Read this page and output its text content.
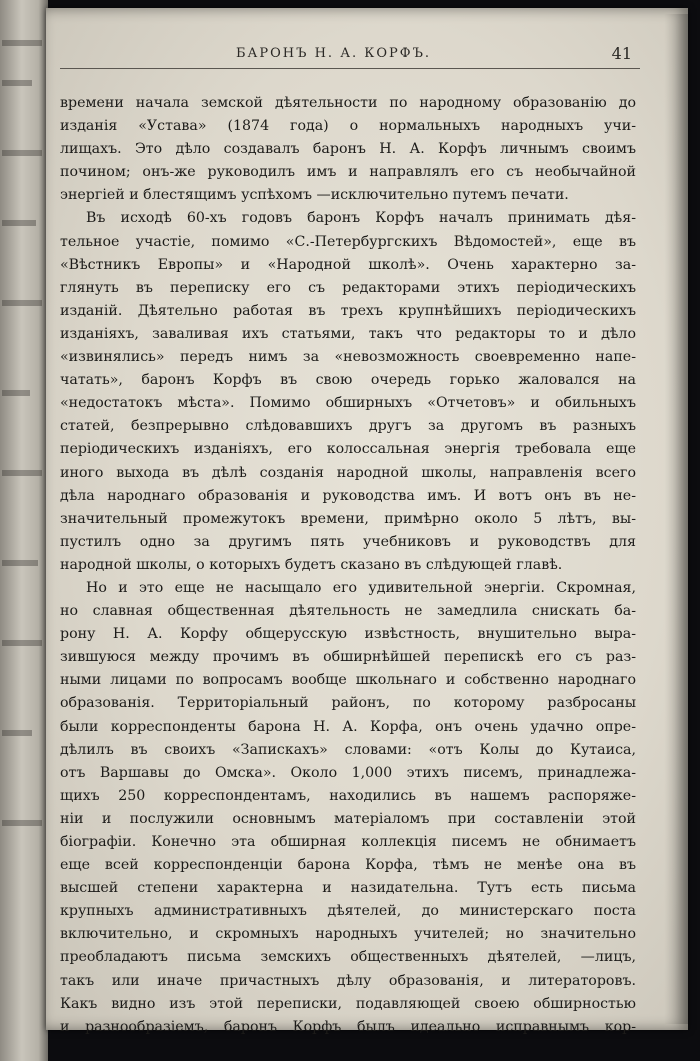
БАРОНЪ Н. А. КОРФЪ.	41
времени начала земской дѣятельности по народному образованію до
изданія «Устава» (1874 года) о нормальныхъ народныхъ учи-
лищахъ. Это дѣло создавалъ баронъ Н. А. Корфъ личнымъ своимъ
почином; онъ-же руководилъ имъ и направлялъ его съ необычайной
энергіей и блестящимъ успѣхомъ —исключительно путемъ печати.
Въ исходѣ 60-хъ годовъ баронъ Корфъ началъ принимать дѣя-
тельное участіе, помимо «С.-Петербургскихъ Вѣдомостей», еще въ
«Вѣстникъ Европы» и «Народной школѣ». Очень характерно за-
глянуть въ переписку его съ редакторами этихъ періодическихъ
изданій. Дѣятельно работая въ трехъ крупнѣйшихъ періодическихъ
изданіяхъ, заваливая ихъ статьями, такъ что редакторы то и дѣло
«извинялись» передъ нимъ за «невозможность своевременно напе-
чатать», баронъ Корфъ въ свою очередь горько жаловался на
«недостатокъ мѣста». Помимо обширныхъ «Отчетовъ» и обильныхъ
статей, безпрерывно слѣдовавшихъ другъ за другомъ въ разныхъ
періодическихъ изданіяхъ, его колоссальная энергія требовала еще
иного выхода въ дѣлѣ созданія народной школы, направленія всего
дѣла народнаго образованія и руководства имъ. И вотъ онъ въ не-
значительный промежутокъ времени, примѣрно около 5 лѣтъ, вы-
пустилъ одно за другимъ пять учебниковъ и руководствъ для
народной школы, о которыхъ будетъ сказано въ слѣдующей главѣ.
Но и это еще не насыщало его удивительной энергіи. Скромная,
но славная общественная дѣятельность не замедлила снискать ба-
рону Н. А. Корфу общерусскую извѣстность, внушительно выра-
зившуюся между прочимъ въ обширнѣйшей перепискѣ его съ раз-
ными лицами по вопросамъ вообще школьнаго и собственно народнаго
образованія. Территоріальный районъ, по которому разбросаны
были корреспонденты барона Н. А. Корфа, онъ очень удачно опре-
дѣлилъ въ своихъ «Запискахъ» словами: «отъ Колы до Кутаиса,
отъ Варшавы до Омска». Около 1,000 этихъ писемъ, принадлежа-
щихъ 250 корреспондентамъ, находились въ нашемъ распоряже-
ніи и послужили основнымъ матеріаломъ при составленіи этой
біографіи. Конечно эта обширная коллекція писемъ не обнимаетъ
еще всей корреспонденціи барона Корфа, тѣмъ не менѣе она въ
высшей степени характерна и назидательна. Тутъ есть письма
крупныхъ административныхъ дѣятелей, до министерскаго поста
включительно, и скромныхъ народныхъ учителей; но значительно
преобладаютъ письма земскихъ общественныхъ дѣятелей, —лицъ,
такъ или иначе причастныхъ дѣлу образованія, и литераторовъ.
Какъ видно изъ этой переписки, подавляющей своею обширностью
и разнообразіемъ, баронъ Корфъ былъ идеально исправнымъ кор-
